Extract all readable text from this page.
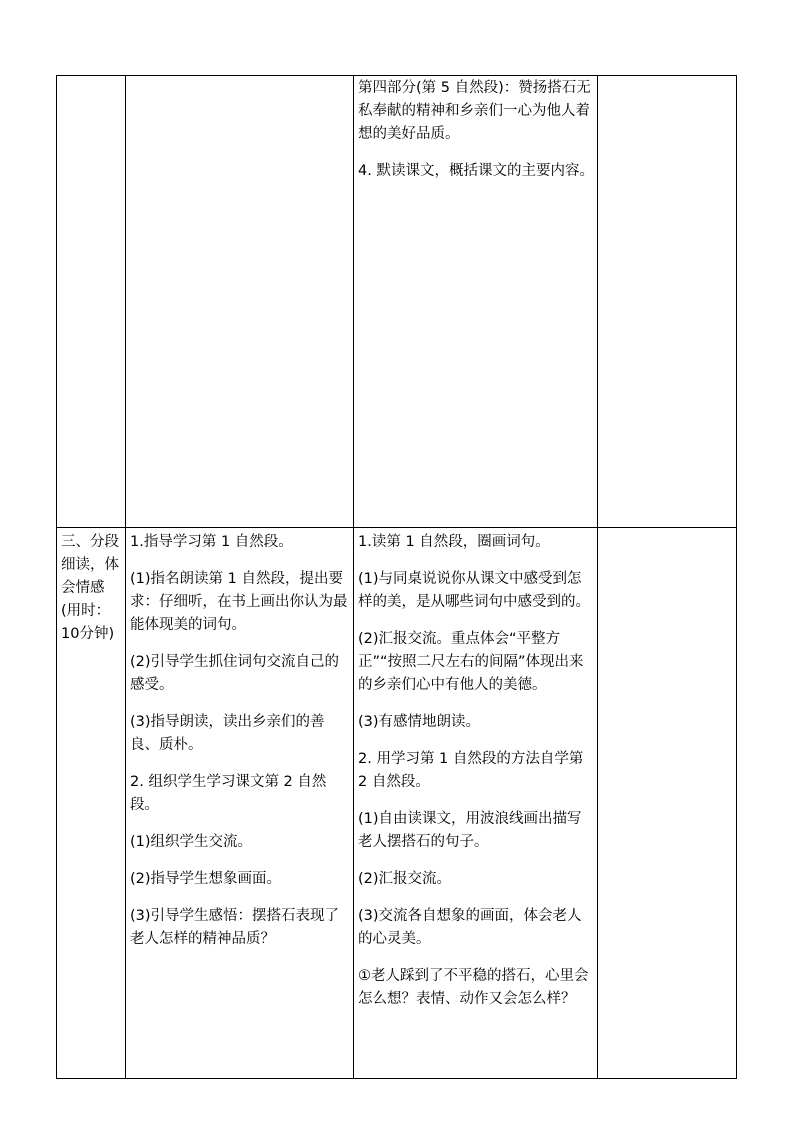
第四部分(第 5 自然段)：赞扬搭石无私奉献的精神和乡亲们一心为他人着想的美好品质。

4. 默读课文，概括课文的主要内容。

三、分段细读，体会情感(用时：10分钟)

1.指导学习第 1 自然段。

(1)指名朗读第 1 自然段，提出要求：仔细听，在书上画出你认为最能体现美的词句。

(2)引导学生抓住词句交流自己的感受。

(3)指导朗读，读出乡亲们的善良、质朴。

2. 组织学生学习课文第 2 自然段。

(1)组织学生交流。

(2)指导学生想象画面。

(3)引导学生感悟：摆搭石表现了老人怎样的精神品质？

1.读第 1 自然段，圈画词句。

(1)与同桌说说你从课文中感受到怎样的美，是从哪些词句中感受到的。

(2)汇报交流。重点体会“平整方正”“按照二尺左右的间隔”体现出来的乡亲们心中有他人的美德。

(3)有感情地朗读。

2. 用学习第 1 自然段的方法自学第 2 自然段。

(1)自由读课文，用波浪线画出描写老人摆搭石的句子。

(2)汇报交流。

(3)交流各自想象的画面，体会老人的心灵美。

①老人踩到了不平稳的搭石，心里会怎么想？表情、动作又会怎么样？
